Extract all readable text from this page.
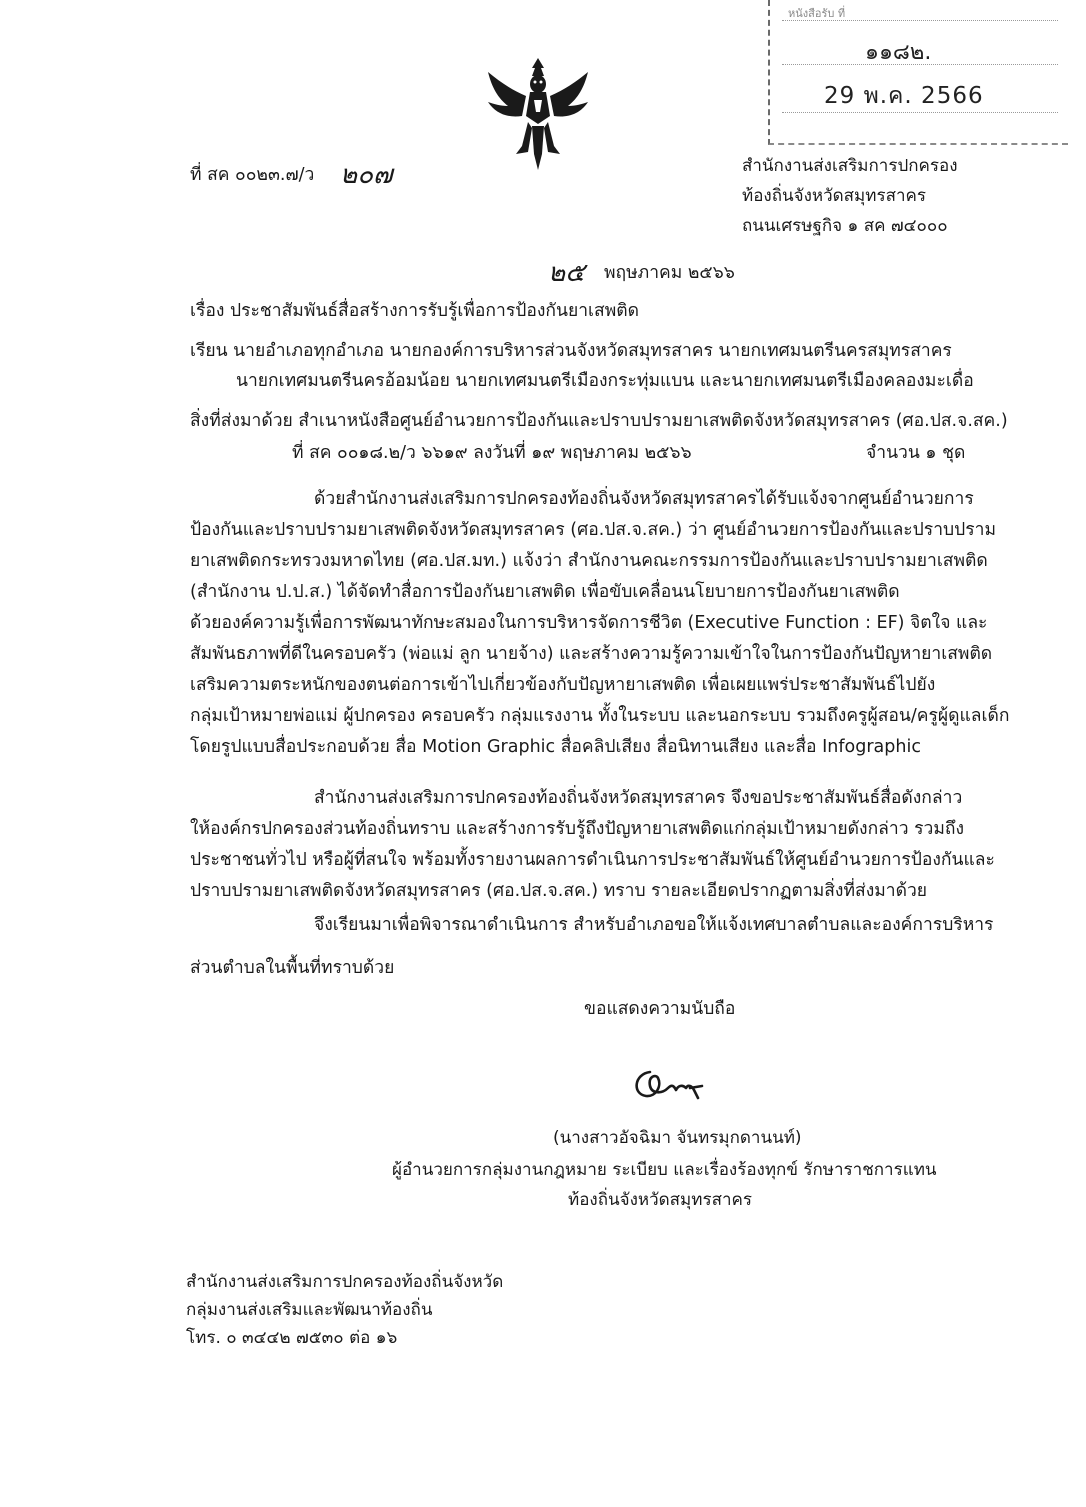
หนังสือรับ ที่
๑๑๘๒.
29 พ.ค. 2566
ที่ สค ๐๐๒๓.๗/ว ๒๐๗	สำนักงานส่งเสริมการปกครอง
ท้องถิ่นจังหวัดสมุทรสาคร
ถนนเศรษฐกิจ ๑ สค ๗๔๐๐๐
๒๕ พฤษภาคม ๒๕๖๖
เรื่อง ประชาสัมพันธ์สื่อสร้างการรับรู้เพื่อการป้องกันยาเสพติด
เรียน นายอำเภอทุกอำเภอ นายกองค์การบริหารส่วนจังหวัดสมุทรสาคร นายกเทศมนตรีนครสมุทรสาคร
นายกเทศมนตรีนครอ้อมน้อย นายกเทศมนตรีเมืองกระทุ่มแบน และนายกเทศมนตรีเมืองคลองมะเดื่อ
สิ่งที่ส่งมาด้วย สำเนาหนังสือศูนย์อำนวยการป้องกันและปราบปรามยาเสพติดจังหวัดสมุทรสาคร (ศอ.ปส.จ.สค.)
ที่ สค ๐๐๑๘.๒/ว ๖๖๑๙ ลงวันที่ ๑๙ พฤษภาคม ๒๕๖๖	จำนวน ๑ ชุด
ด้วยสำนักงานส่งเสริมการปกครองท้องถิ่นจังหวัดสมุทรสาครได้รับแจ้งจากศูนย์อำนวยการ
ป้องกันและปราบปรามยาเสพติดจังหวัดสมุทรสาคร (ศอ.ปส.จ.สค.) ว่า ศูนย์อำนวยการป้องกันและปราบปราม
ยาเสพติดกระทรวงมหาดไทย (ศอ.ปส.มท.) แจ้งว่า สำนักงานคณะกรรมการป้องกันและปราบปรามยาเสพติด
(สำนักงาน ป.ป.ส.) ได้จัดทำสื่อการป้องกันยาเสพติด เพื่อขับเคลื่อนนโยบายการป้องกันยาเสพติด
ด้วยองค์ความรู้เพื่อการพัฒนาทักษะสมองในการบริหารจัดการชีวิต (Executive Function : EF) จิตใจ และ
สัมพันธภาพที่ดีในครอบครัว (พ่อแม่ ลูก นายจ้าง) และสร้างความรู้ความเข้าใจในการป้องกันปัญหายาเสพติด
เสริมความตระหนักของตนต่อการเข้าไปเกี่ยวข้องกับปัญหายาเสพติด เพื่อเผยแพร่ประชาสัมพันธ์ไปยัง
กลุ่มเป้าหมายพ่อแม่ ผู้ปกครอง ครอบครัว กลุ่มแรงงาน ทั้งในระบบ และนอกระบบ รวมถึงครูผู้สอน/ครูผู้ดูแลเด็ก
โดยรูปแบบสื่อประกอบด้วย สื่อ Motion Graphic สื่อคลิปเสียง สื่อนิทานเสียง และสื่อ Infographic
สำนักงานส่งเสริมการปกครองท้องถิ่นจังหวัดสมุทรสาคร จึงขอประชาสัมพันธ์สื่อดังกล่าว
ให้องค์กรปกครองส่วนท้องถิ่นทราบ และสร้างการรับรู้ถึงปัญหายาเสพติดแก่กลุ่มเป้าหมายดังกล่าว รวมถึง
ประชาชนทั่วไป หรือผู้ที่สนใจ พร้อมทั้งรายงานผลการดำเนินการประชาสัมพันธ์ให้ศูนย์อำนวยการป้องกันและ
ปราบปรามยาเสพติดจังหวัดสมุทรสาคร (ศอ.ปส.จ.สค.) ทราบ รายละเอียดปรากฏตามสิ่งที่ส่งมาด้วย
จึงเรียนมาเพื่อพิจารณาดำเนินการ สำหรับอำเภอขอให้แจ้งเทศบาลตำบลและองค์การบริหาร
ส่วนตำบลในพื้นที่ทราบด้วย
ขอแสดงความนับถือ
(นางสาวอัจฉิมา จันทรมุกดานนท์)
ผู้อำนวยการกลุ่มงานกฎหมาย ระเบียบ และเรื่องร้องทุกข์ รักษาราชการแทน
ท้องถิ่นจังหวัดสมุทรสาคร
สำนักงานส่งเสริมการปกครองท้องถิ่นจังหวัด
กลุ่มงานส่งเสริมและพัฒนาท้องถิ่น
โทร. ๐ ๓๔๔๒ ๗๕๓๐ ต่อ ๑๖
